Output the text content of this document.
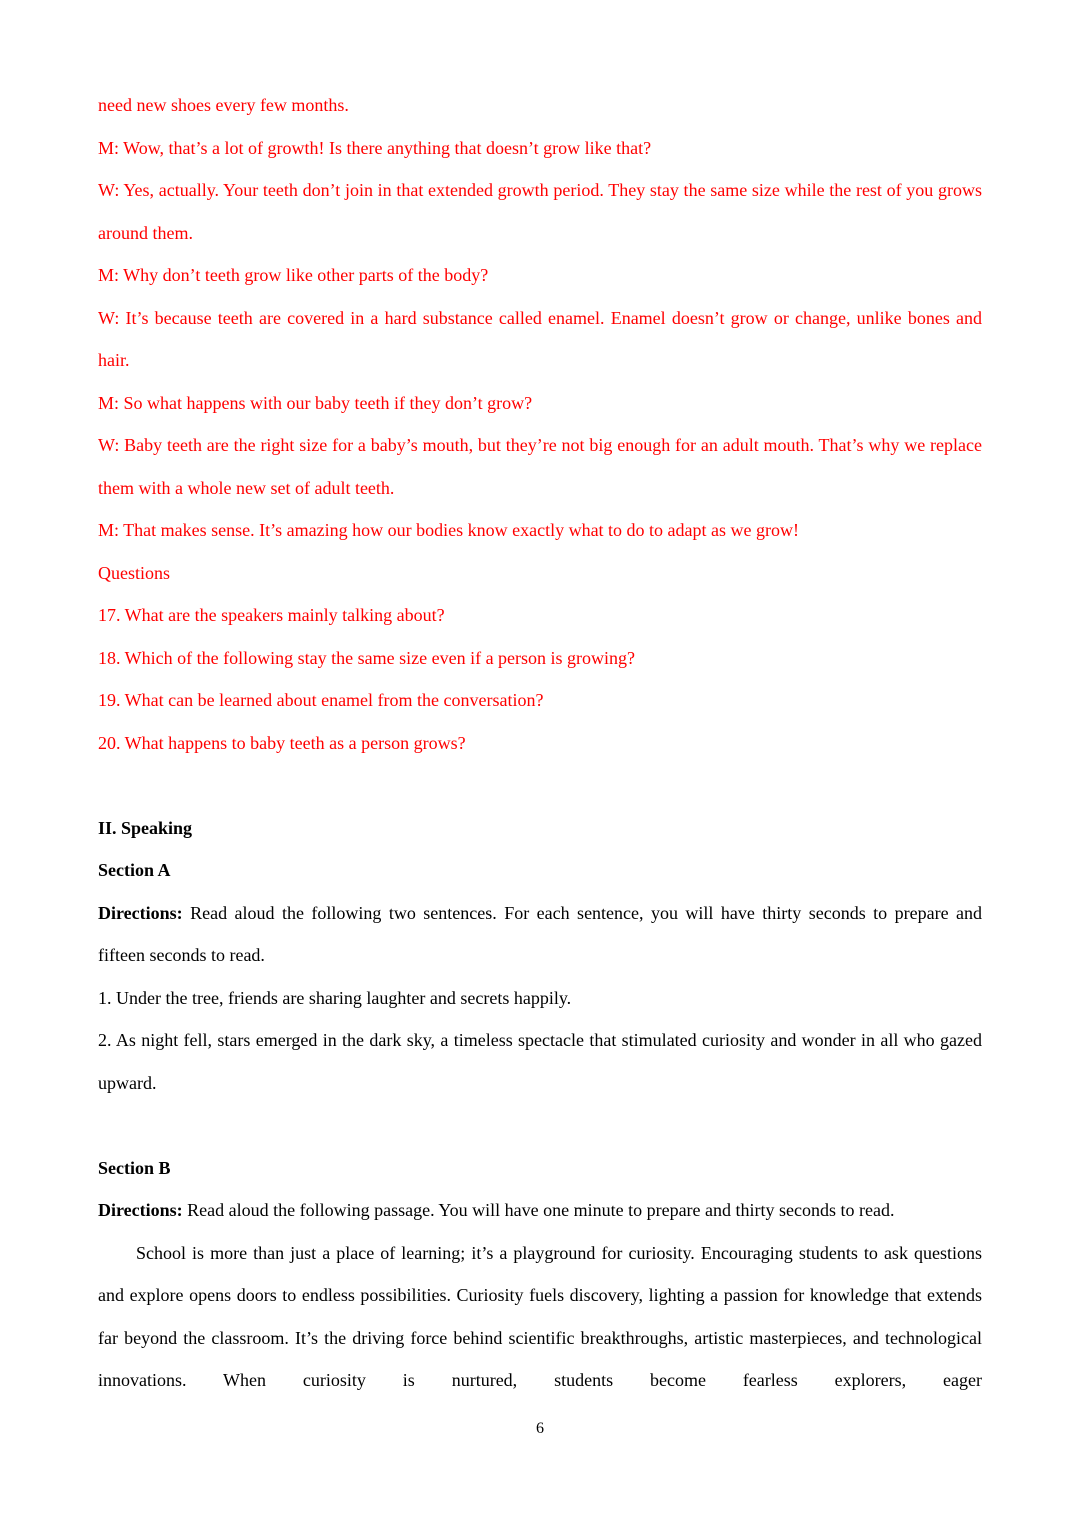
need new shoes every few months.

M: Wow, that’s a lot of growth! Is there anything that doesn’t grow like that?

W: Yes, actually. Your teeth don’t join in that extended growth period. They stay the same size while the rest of you grows around them.

M: Why don’t teeth grow like other parts of the body?

W: It’s because teeth are covered in a hard substance called enamel. Enamel doesn’t grow or change, unlike bones and hair.

M: So what happens with our baby teeth if they don’t grow?

W: Baby teeth are the right size for a baby’s mouth, but they’re not big enough for an adult mouth. That’s why we replace them with a whole new set of adult teeth.

M: That makes sense. It’s amazing how our bodies know exactly what to do to adapt as we grow!

Questions

17. What are the speakers mainly talking about?

18. Which of the following stay the same size even if a person is growing?

19. What can be learned about enamel from the conversation?

20. What happens to baby teeth as a person grows?

II. Speaking

Section A

Directions: Read aloud the following two sentences. For each sentence, you will have thirty seconds to prepare and fifteen seconds to read.

1. Under the tree, friends are sharing laughter and secrets happily.

2. As night fell, stars emerged in the dark sky, a timeless spectacle that stimulated curiosity and wonder in all who gazed upward.

Section B

Directions: Read aloud the following passage. You will have one minute to prepare and thirty seconds to read.

School is more than just a place of learning; it’s a playground for curiosity. Encouraging students to ask questions and explore opens doors to endless possibilities. Curiosity fuels discovery, lighting a passion for knowledge that extends far beyond the classroom. It’s the driving force behind scientific breakthroughs, artistic masterpieces, and technological innovations. When curiosity is nurtured, students become fearless explorers, eager

6
